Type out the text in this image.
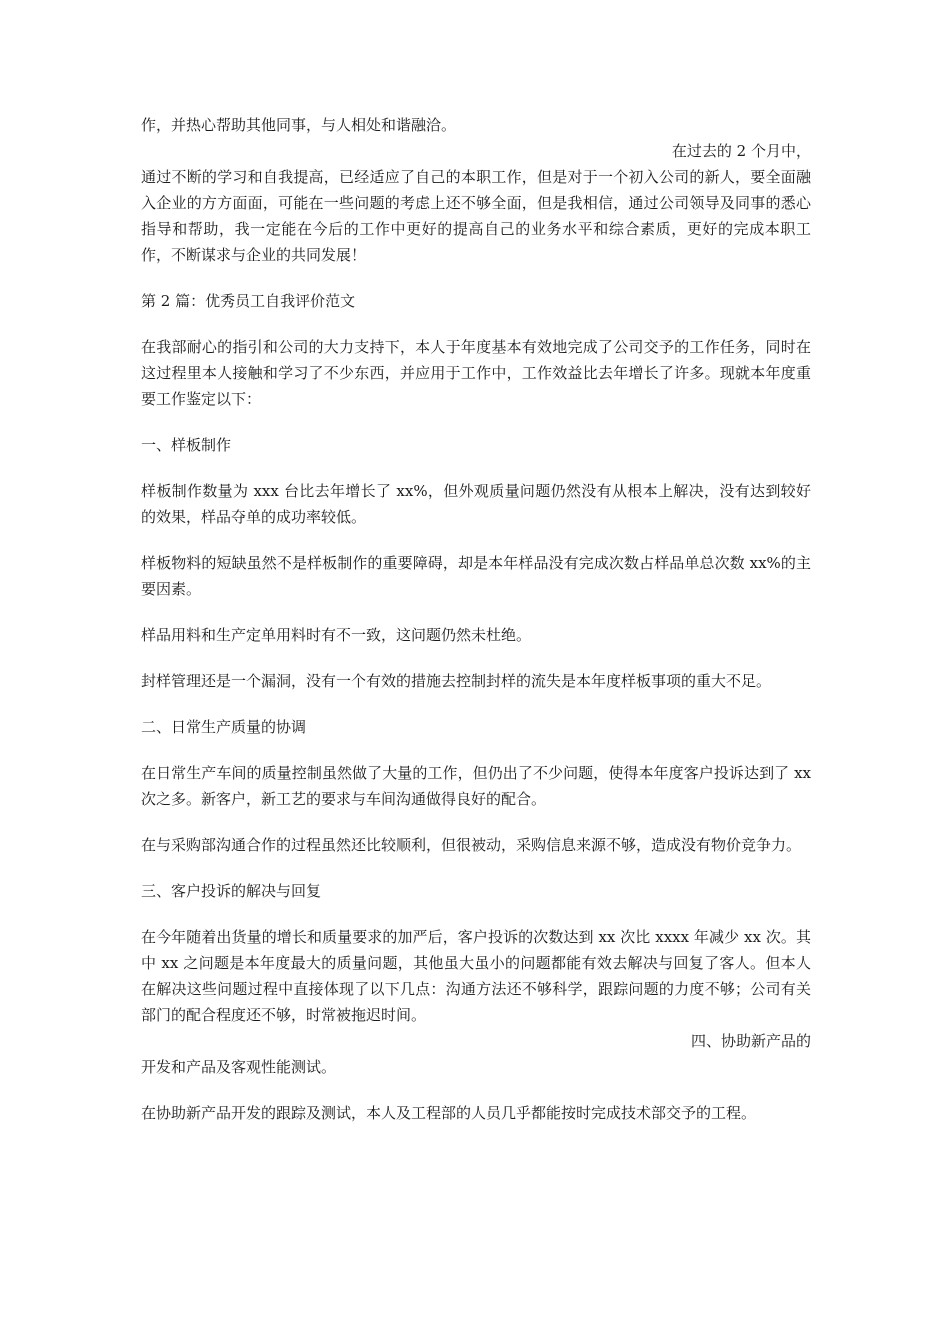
作，并热心帮助其他同事，与人相处和谐融洽。

在过去的 2 个月中，

通过不断的学习和自我提高，已经适应了自己的本职工作，但是对于一个初入公司的新人，要全面融入企业的方方面面，可能在一些问题的考虑上还不够全面，但是我相信，通过公司领导及同事的悉心指导和帮助，我一定能在今后的工作中更好的提高自己的业务水平和综合素质，更好的完成本职工作，不断谋求与企业的共同发展！

第 2 篇：优秀员工自我评价范文

在我部耐心的指引和公司的大力支持下，本人于年度基本有效地完成了公司交予的工作任务，同时在这过程里本人接触和学习了不少东西，并应用于工作中，工作效益比去年增长了许多。现就本年度重要工作鉴定以下：

一、样板制作

样板制作数量为 xxx 台比去年增长了 xx%，但外观质量问题仍然没有从根本上解决，没有达到较好的效果，样品夺单的成功率较低。

样板物料的短缺虽然不是样板制作的重要障碍，却是本年样品没有完成次数占样品单总次数 xx%的主要因素。

样品用料和生产定单用料时有不一致，这问题仍然未杜绝。

封样管理还是一个漏洞，没有一个有效的措施去控制封样的流失是本年度样板事项的重大不足。

二、日常生产质量的协调

在日常生产车间的质量控制虽然做了大量的工作，但仍出了不少问题，使得本年度客户投诉达到了 xx 次之多。新客户，新工艺的要求与车间沟通做得良好的配合。

在与采购部沟通合作的过程虽然还比较顺利，但很被动，采购信息来源不够，造成没有物价竞争力。

三、客户投诉的解决与回复

在今年随着出货量的增长和质量要求的加严后，客户投诉的次数达到 xx 次比 xxxx 年减少 xx 次。其中 xx 之问题是本年度最大的质量问题，其他虽大虽小的问题都能有效去解决与回复了客人。但本人在解决这些问题过程中直接体现了以下几点：沟通方法还不够科学，跟踪问题的力度不够；公司有关部门的配合程度还不够，时常被拖迟时间。

四、协助新产品的

开发和产品及客观性能测试。

在协助新产品开发的跟踪及测试，本人及工程部的人员几乎都能按时完成技术部交予的工程。
